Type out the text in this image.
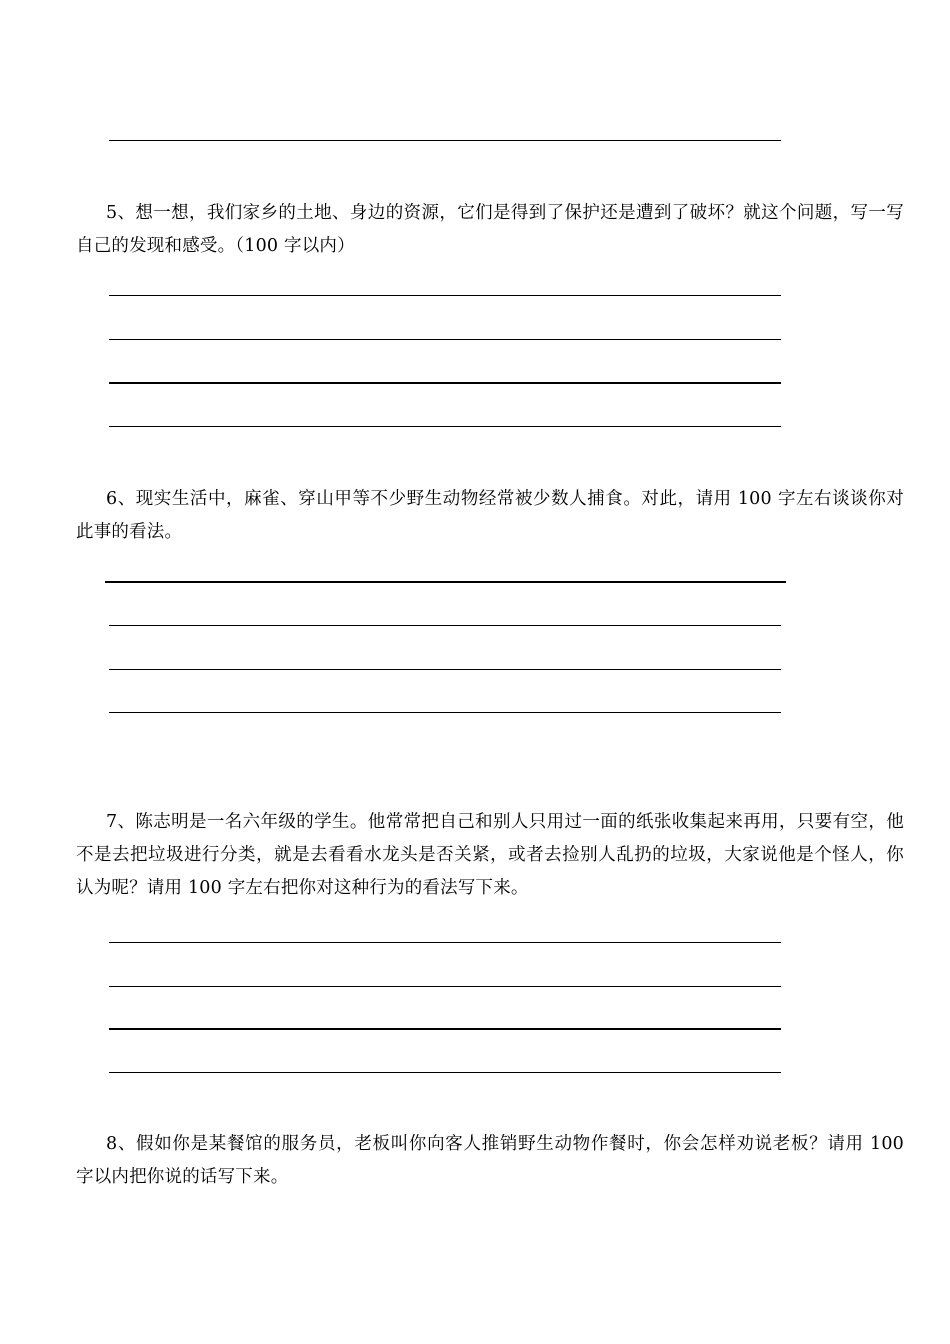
5、想一想，我们家乡的土地、身边的资源，它们是得到了保护还是遭到了破坏？就这个问题，写一写自己的发现和感受。（100 字以内）

6、现实生活中，麻雀、穿山甲等不少野生动物经常被少数人捕食。对此，请用 100 字左右谈谈你对此事的看法。

7、陈志明是一名六年级的学生。他常常把自己和别人只用过一面的纸张收集起来再用，只要有空，他不是去把垃圾进行分类，就是去看看水龙头是否关紧，或者去捡别人乱扔的垃圾，大家说他是个怪人，你认为呢？请用 100 字左右把你对这种行为的看法写下来。

8、假如你是某餐馆的服务员，老板叫你向客人推销野生动物作餐时，你会怎样劝说老板？请用 100 字以内把你说的话写下来。
